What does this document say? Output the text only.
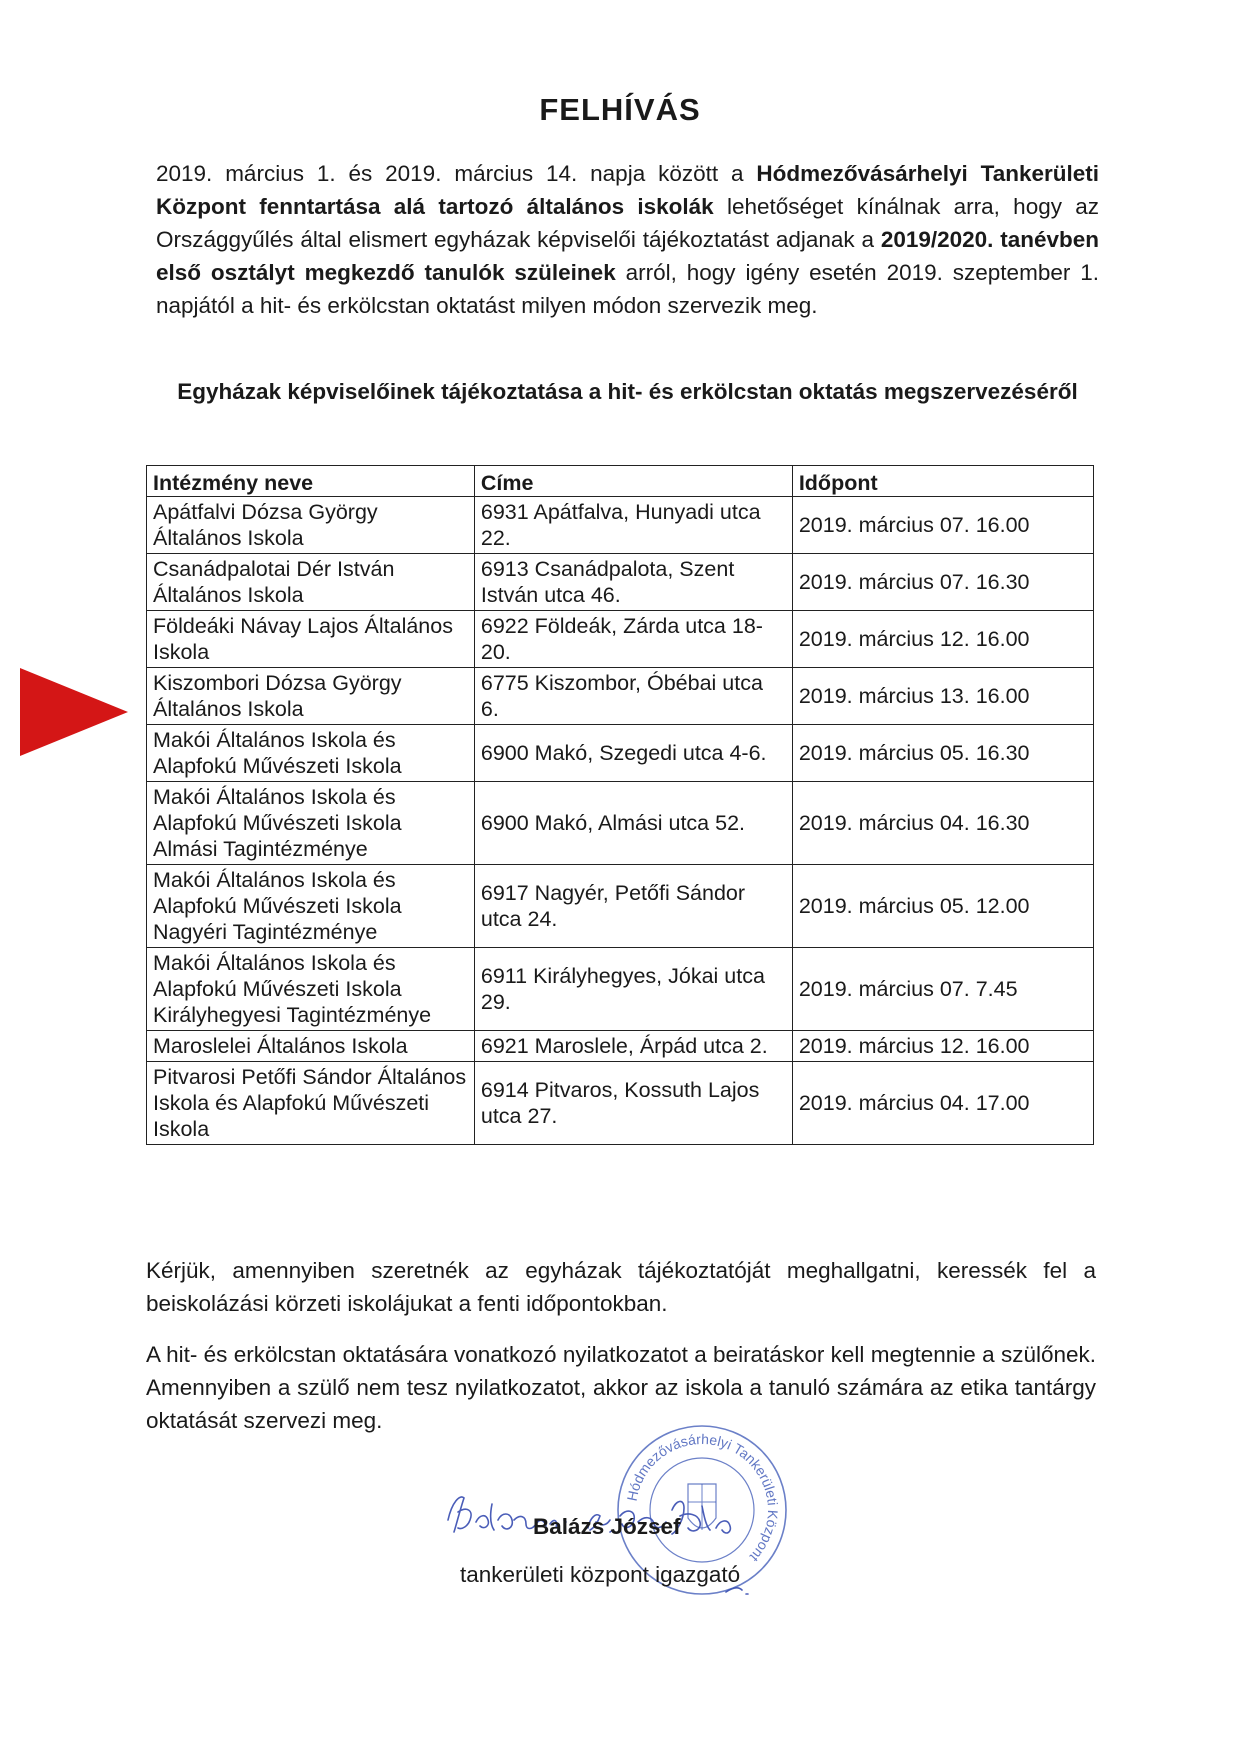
FELHÍVÁS

2019. március 1. és 2019. március 14. napja között a Hódmezővásárhelyi Tankerületi Központ fenntartása alá tartozó általános iskolák lehetőséget kínálnak arra, hogy az Országgyűlés által elismert egyházak képviselői tájékoztatást adjanak a 2019/2020. tanévben első osztályt megkezdő tanulók szüleinek arról, hogy igény esetén 2019. szeptember 1. napjától a hit- és erkölcstan oktatást milyen módon szervezik meg.

Egyházak képviselőinek tájékoztatása a hit- és erkölcstan oktatás megszervezéséről
Intézmény neve	Címe	Időpont
Apátfalvi Dózsa György Általános Iskola	6931 Apátfalva, Hunyadi utca 22.	2019. március 07. 16.00
Csanádpalotai Dér István Általános Iskola	6913 Csanádpalota, Szent István utca 46.	2019. március 07. 16.30
Földeáki Návay Lajos Általános Iskola	6922 Földeák, Zárda utca 18-20.	2019. március 12. 16.00
Kiszombori Dózsa György Általános Iskola	6775 Kiszombor, Óbébai utca 6.	2019. március 13. 16.00
Makói Általános Iskola és Alapfokú Művészeti Iskola	6900 Makó, Szegedi utca 4-6.	2019. március 05. 16.30
Makói Általános Iskola és Alapfokú Művészeti Iskola Almási Tagintézménye	6900 Makó, Almási utca 52.	2019. március 04. 16.30
Makói Általános Iskola és Alapfokú Művészeti Iskola Nagyéri Tagintézménye	6917 Nagyér, Petőfi Sándor utca 24.	2019. március 05. 12.00
Makói Általános Iskola és Alapfokú Művészeti Iskola Királyhegyesi Tagintézménye	6911 Királyhegyes, Jókai utca 29.	2019. március 07. 7.45
Maroslelei Általános Iskola	6921 Maroslele, Árpád utca 2.	2019. március 12. 16.00
Pitvarosi Petőfi Sándor Általános Iskola és Alapfokú Művészeti Iskola	6914 Pitvaros, Kossuth Lajos utca 27.	2019. március 04. 17.00

Kérjük, amennyiben szeretnék az egyházak tájékoztatóját meghallgatni, keressék fel a beiskolázási körzeti iskolájukat a fenti időpontokban.

A hit- és erkölcstan oktatására vonatkozó nyilatkozatot a beiratáskor kell megtennie a szülőnek. Amennyiben a szülő nem tesz nyilatkozatot, akkor az iskola a tanuló számára az etika tantárgy oktatását szervezi meg.

Hódmezővásárhelyi Tankerületi Központ
Balázs József
tankerületi központ igazgató
